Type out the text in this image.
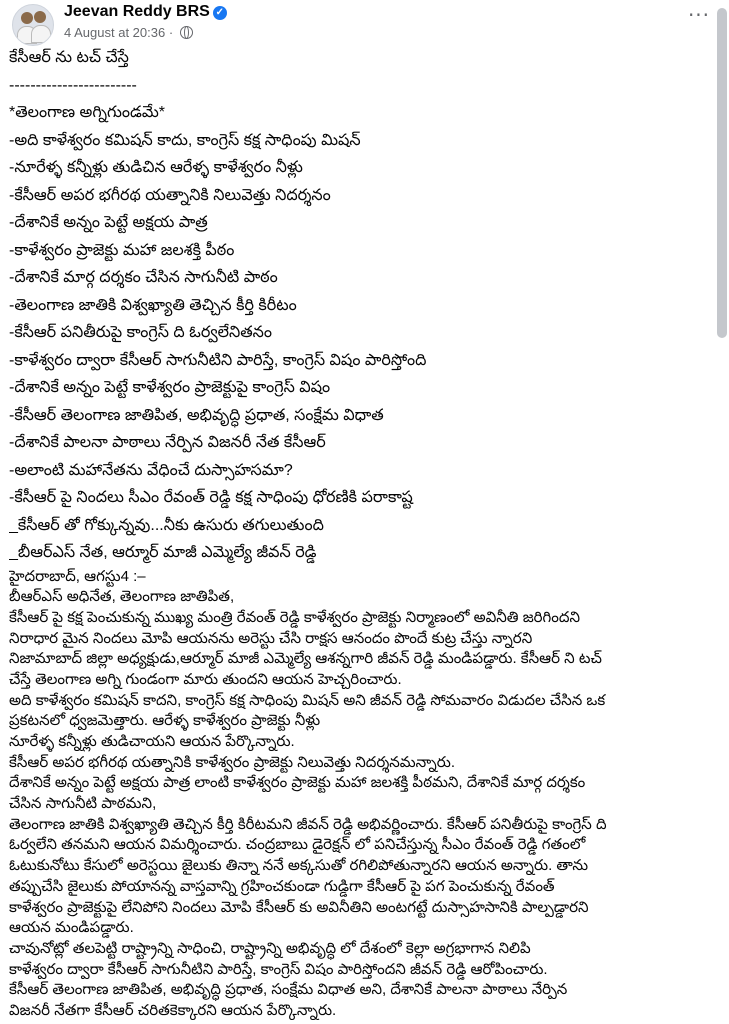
Jeevan Reddy BRS ✓
4 August at 20:36 ·
···
కేసీఆర్ ను టచ్ చేస్తే
------------------------
*తెలంగాణ అగ్నిగుండమే*
-అది కాళేశ్వరం కమిషన్ కాదు, కాంగ్రెస్ కక్ష సాధింపు మిషన్
-నూరేళ్ళ కన్నీళ్లు తుడిచిన ఆరేళ్ళ కాళేశ్వరం నీళ్లు
-కేసీఆర్ అపర భగీరథ యత్నానికి నిలువెత్తు నిదర్శనం
-దేశానికే అన్నం పెట్టే అక్షయ పాత్ర
-కాళేశ్వరం ప్రాజెక్టు మహా జలశక్తి పీఠం
-దేశానికే మార్గ దర్శకం చేసిన సాగునీటి పాఠం
-తెలంగాణ జాతికి విశ్వఖ్యాతి తెచ్చిన కీర్తి కిరీటం
-కేసీఆర్ పనితీరుపై కాంగ్రెస్ ది ఓర్వలేనితనం
-కాళేశ్వరం ద్వారా కేసీఆర్ సాగునీటిని పారిస్తే, కాంగ్రెస్ విషం పారిస్తోంది
-దేశానికే అన్నం పెట్టే కాళేశ్వరం ప్రాజెక్టుపై కాంగ్రెస్ విషం
-కేసీఆర్ తెలంగాణ జాతిపిత, అభివృద్ధి ప్రధాత, సంక్షేమ విధాత
-దేశానికే పాలనా పాఠాలు నేర్పిన విజనరీ నేత కేసీఆర్
-అలాంటి మహానేతను వేధించే దుస్సాహసమా?
-కేసీఆర్ పై నిందలు సీఎం రేవంత్ రెడ్డి కక్ష సాధింపు ధోరణికి పరాకాష్ట
_కేసీఆర్ తో గోక్కున్నవు...నీకు ఉసురు తగులుతుంది
_బీఆర్ఎస్ నేత, ఆర్మూర్ మాజీ ఎమ్మెల్యే జీవన్ రెడ్డి
హైదరాబాద్, ఆగస్టు4 :–
బీఆర్ఎస్ అధినేత, తెలంగాణ జాతిపిత,
కేసీఆర్ పై కక్ష పెంచుకున్న ముఖ్య మంత్రి రేవంత్ రెడ్డి కాళేశ్వరం ప్రాజెక్టు నిర్మాణంలో అవినీతి జరిగిందని
నిరాధార మైన నిందలు మోపి ఆయనను అరెస్టు చేసి రాక్షస ఆనందం పొందే కుట్ర చేస్తు న్నారని
నిజామాబాద్ జిల్లా అధ్యక్షుడు,ఆర్మూర్ మాజీ ఎమ్మెల్యే ఆశన్నగారి జీవన్ రెడ్డి మండిపడ్డారు. కేసీఆర్ ని టచ్
చేస్తే తెలంగాణ అగ్ని గుండంగా మారు తుందని ఆయన హెచ్చరించారు.
అది కాళేశ్వరం కమిషన్ కాదని, కాంగ్రెస్ కక్ష సాధింపు మిషన్ అని జీవన్ రెడ్డి సోమవారం విడుదల చేసిన ఒక
ప్రకటనలో ధ్వజమెత్తారు. ఆరేళ్ళ కాళేశ్వరం ప్రాజెక్టు నీళ్లు
నూరేళ్ళ కన్నీళ్లు తుడిచాయని ఆయన పేర్కొన్నారు.
కేసీఆర్ అపర భగీరథ యత్నానికి కాళేశ్వరం ప్రాజెక్టు నిలువెత్తు నిదర్శనమన్నారు.
దేశానికే అన్నం పెట్టే అక్షయ పాత్ర లాంటి కాళేశ్వరం ప్రాజెక్టు మహా జలశక్తి పీఠమని, దేశానికే మార్గ దర్శకం
చేసిన సాగునీటి పాఠమని,
తెలంగాణ జాతికి విశ్వఖ్యాతి తెచ్చిన కీర్తి కిరీటమని జీవన్ రెడ్డి అభివర్ణించారు. కేసీఆర్ పనితీరుపై కాంగ్రెస్ ది
ఓర్వలేని తనమని ఆయన విమర్శించారు. చంద్రబాబు డైరెక్షన్ లో పనిచేస్తున్న సీఎం రేవంత్ రెడ్డి గతంలో
ఓటుకునోటు కేసులో అరెస్టయి జైలుకు తిన్నా ననే అక్కసుతో రగిలిపోతున్నారని ఆయన అన్నారు. తాను
తప్పుచేసి జైలుకు పోయానన్న వాస్తవాన్ని గ్రహించకుండా గుడ్డిగా కేసీఆర్ పై పగ పెంచుకున్న రేవంత్
కాళేశ్వరం ప్రాజెక్టుపై లేనిపోని నిందలు మోపి కేసీఆర్ కు అవినీతిని అంటగట్టే దుస్సాహసానికి పాల్పడ్డారని
ఆయన మండిపడ్డారు.
చావునోట్లో తలపెట్టి రాష్ట్రాన్ని సాధించి, రాష్ట్రాన్ని అభివృద్ధి లో దేశంలో కెల్లా అగ్రభాగాన నిలిపి
కాళేశ్వరం ద్వారా కేసీఆర్ సాగునీటిని పారిస్తే, కాంగ్రెస్ విషం పారిస్తోందని జీవన్ రెడ్డి ఆరోపించారు.
కేసీఆర్ తెలంగాణ జాతిపిత, అభివృద్ధి ప్రధాత, సంక్షేమ విధాత అని, దేశానికే పాలనా పాఠాలు నేర్పిన
విజనరీ నేతగా కేసీఆర్ చరితకెక్కారని ఆయన పేర్కొన్నారు.
